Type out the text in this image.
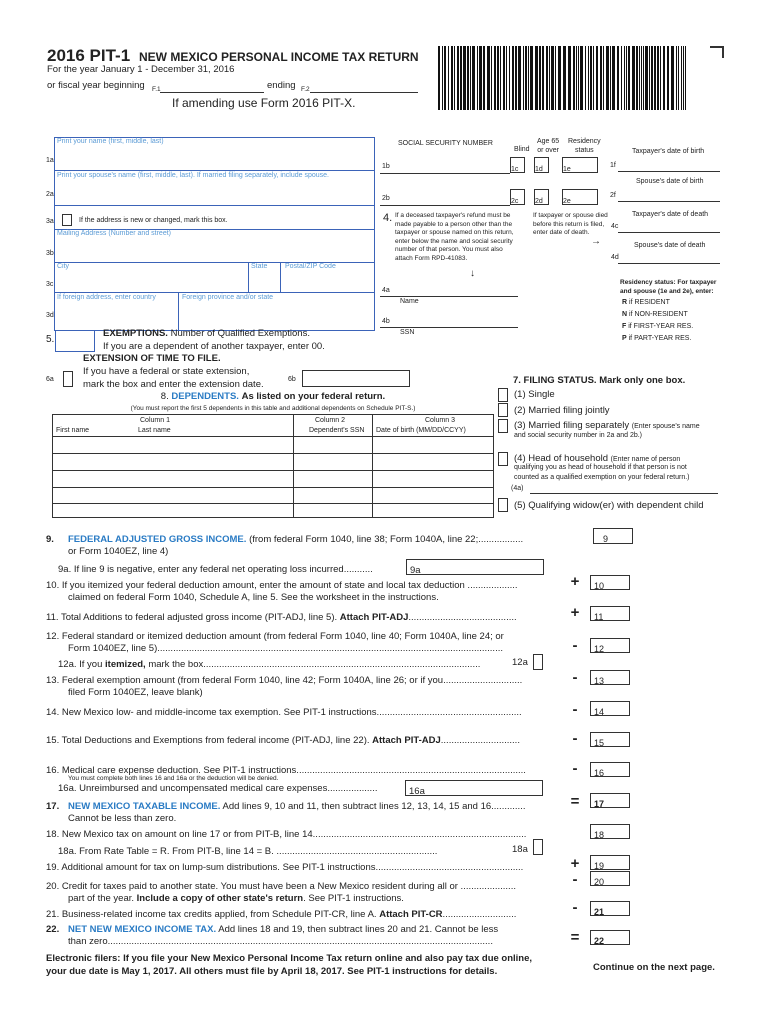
2016 PIT-1 NEW MEXICO PERSONAL INCOME TAX RETURN
For the year January 1 - December 31, 2016
or fiscal year beginning F.1	ending F.2
If amending use Form 2016 PIT-X.
Print your name (first, middle, last)
1a
Print your spouse's name (first, middle, last). If married filing separately, include spouse.
2a
3a	If the address is new or changed, mark this box.
Mailing Address (Number and street)
3b
City	State	Postal/ZIP Code
3c
If foreign address, enter country	Foreign province and/or state
3d
SOCIAL SECURITY NUMBER
Blind
Age 65
or over
Residency
status	Taxpayer's date of birth
1b	1c	1d	1e
1f
Spouse's date of birth
2b	2c	2d	2e
2f
4. If a deceased taxpayer's refund must be made payable to a person other than the taxpayer or spouse named on this return, enter below the name and social security number of that person. You must also attach Form RPD-41083.
↓
If taxpayer or spouse died before this return is filed, enter date of death.
→
Taxpayer's date of death
4c
Spouse's date of death
4d
4a
Name
4b
SSN
Residency status: For taxpayer and spouse (1e and 2e), enter:
R if RESIDENT
N if NON-RESIDENT
F if FIRST-YEAR RES.
P if PART-YEAR RES.
5.
EXEMPTIONS. Number of Qualified Exemptions.
If you are a dependent of another taxpayer, enter 00.
EXTENSION OF TIME TO FILE.
If you have a federal or state extension,
mark the box and enter the extension date.
6a	6b
8. DEPENDENTS. As listed on your federal return.
(You must report the first 5 dependents in this table and additional dependents on Schedule PIT-S.)
Column 1
First name	Last name
Column 2
Dependent's SSN
Column 3
Date of birth (MM/DD/CCYY)
7. FILING STATUS. Mark only one box.
(1) Single
(2) Married filing jointly
(3) Married filing separately (Enter spouse's name
and social security number in 2a and 2b.)
(4) Head of household (Enter name of person
qualifying you as head of household if that person is not
counted as a qualified exemption on your federal return.)
(4a)
(5) Qualifying widow(er) with dependent child
9. FEDERAL ADJUSTED GROSS INCOME. (from federal Form 1040, line 38; Form 1040A, line 22;.................
or Form 1040EZ, line 4)
9
9a. If line 9 is negative, enter any federal net operating loss incurred...........	9a
10. If you itemized your federal deduction amount, enter the amount of state and local tax deduction ...................
claimed on federal Form 1040, Schedule A, line 5. See the worksheet in the instructions.
+	10
11. Total Additions to federal adjusted gross income (PIT-ADJ, line 5). Attach PIT-ADJ.........................................	+	11
12. Federal standard or itemized deduction amount (from federal Form 1040, line 40; Form 1040A, line 24; or
Form 1040EZ, line 5)...................................................................................................................................	-	12
12a. If you itemized, mark the box.........................................................................................................	12a
13. Federal exemption amount (from federal Form 1040, line 42; Form 1040A, line 26; or if you..............................
filed Form 1040EZ, leave blank)
-	13
14. New Mexico low- and middle-income tax exemption. See PIT-1 instructions.......................................................	-	14
15. Total Deductions and Exemptions from federal income (PIT-ADJ, line 22). Attach PIT-ADJ..............................	-	15
16. Medical care expense deduction. See PIT-1 instructions.......................................................................................
You must complete both lines 16 and 16a or the deduction will be denied.
16a. Unreimbursed and uncompensated medical care expenses...................	16a
-	16
17. NEW MEXICO TAXABLE INCOME. Add lines 9, 10 and 11, then subtract lines 12, 13, 14, 15 and 16.............
Cannot be less than zero.
=	17
18. New Mexico tax on amount on line 17 or from PIT-B, line 14.................................................................................	18
18a. From Rate Table = R. From PIT-B, line 14 = B. .............................................................	18a
19. Additional amount for tax on lump-sum distributions. See PIT-1 instructions........................................................	+	19
20. Credit for taxes paid to another state. You must have been a New Mexico resident during all or .....................
part of the year. Include a copy of other state's return. See PIT-1 instructions.
-	20
21. Business-related income tax credits applied, from Schedule PIT-CR, line A. Attach PIT-CR............................	-	21
22. NET NEW MEXICO INCOME TAX. Add lines 18 and 19, then subtract lines 20 and 21. Cannot be less
than zero..................................................................................................................................................	=	22
Electronic filers: If you file your New Mexico Personal Income Tax return online and also pay tax due online,
your due date is May 1, 2017. All others must file by April 18, 2017. See PIT-1 instructions for details.	Continue on the next page.
